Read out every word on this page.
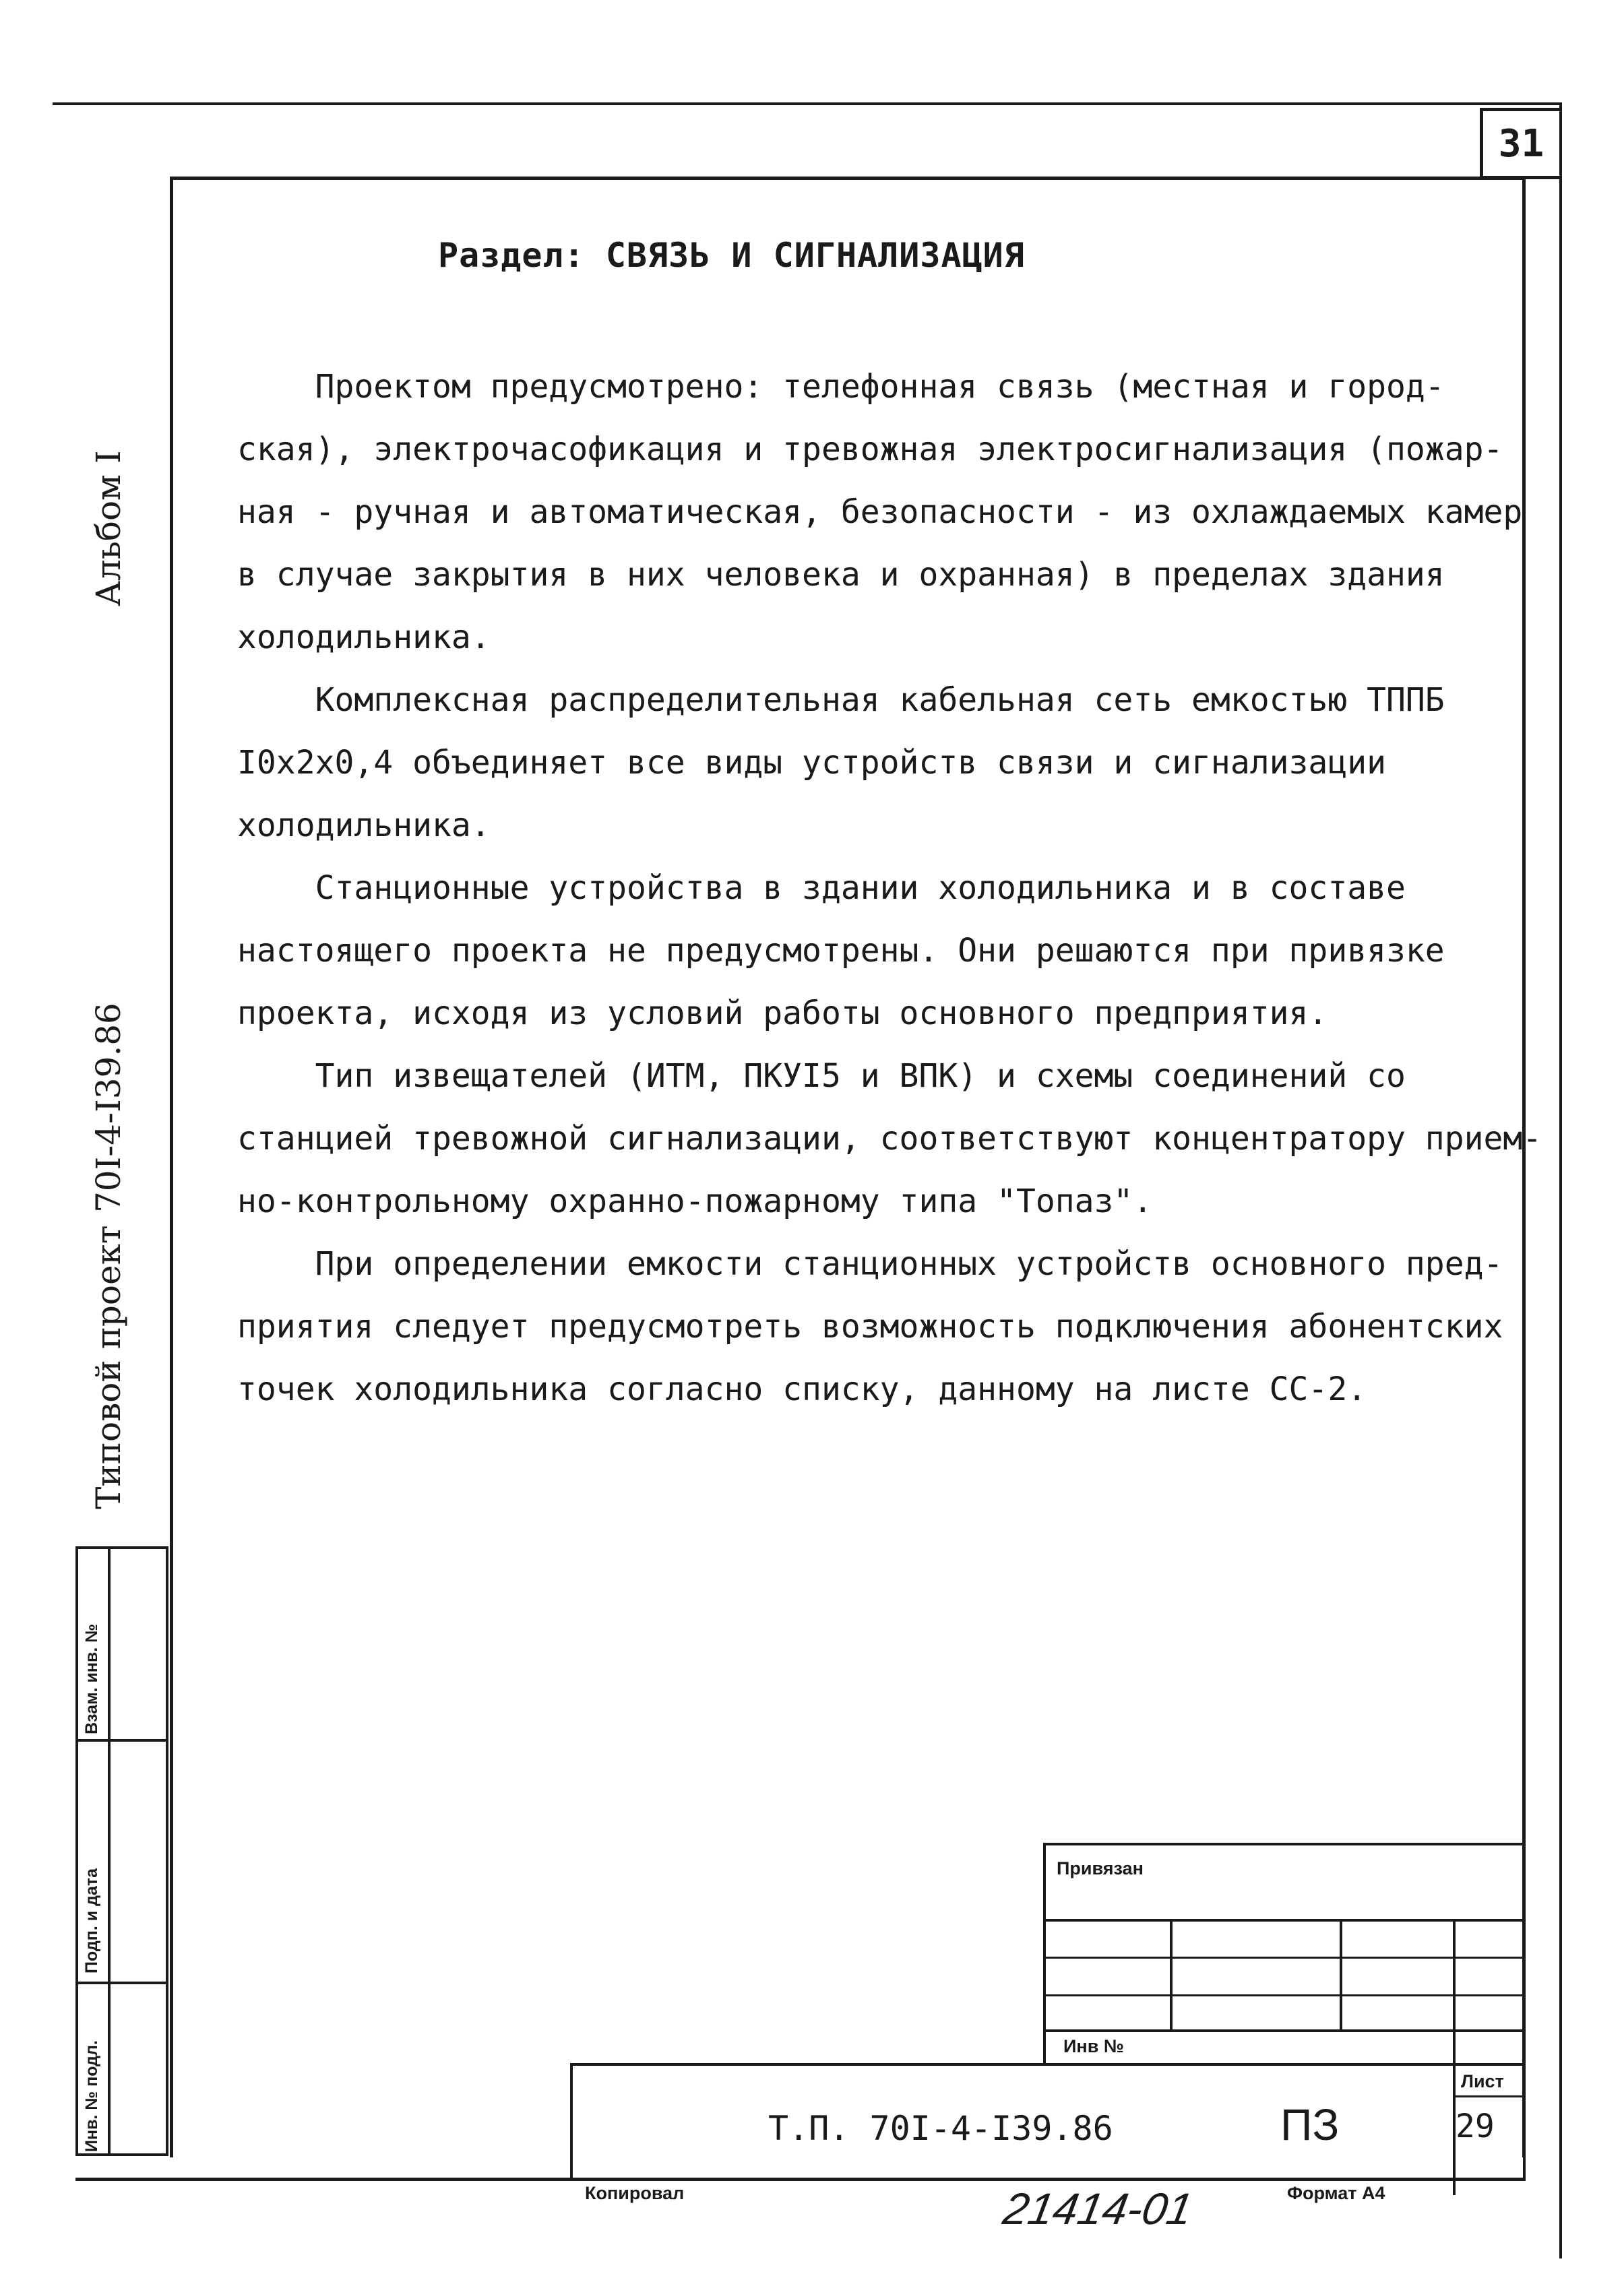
31
Раздел: СВЯЗЬ И СИГНАЛИЗАЦИЯ
Проектом предусмотрено: телефонная связь (местная и город-
ская), электрочасофикация и тревожная электросигнализация (пожар-
ная - ручная и автоматическая, безопасности - из охлаждаемых камер
в случае закрытия в них человека и охранная) в пределах здания
холодильника.
Комплексная распределительная кабельная сеть емкостью ТППБ
I0x2x0,4 объединяет все виды устройств связи и сигнализации
холодильника.
Станционные устройства в здании холодильника и в составе
настоящего проекта не предусмотрены. Они решаются при привязке
проекта, исходя из условий работы основного предприятия.
Тип извещателей (ИТМ, ПКУI5 и ВПК) и схемы соединений со
станцией тревожной сигнализации, соответствуют концентратору прием-
но-контрольному охранно-пожарному типа "Топаз".
При определении емкости станционных устройств основного пред-
приятия следует предусмотреть возможность подключения абонентских
точек холодильника согласно списку, данному на листе СС-2.
Альбом I
Типовой проект
70I-4-I39.86
Взам. инв. №
Подп. и дата
Инв. № подл.
Привязан
Инв №
Лист
29
Т.П. 70I-4-I39.86	ПЗ
Копировал	Формат А4
21414-01
